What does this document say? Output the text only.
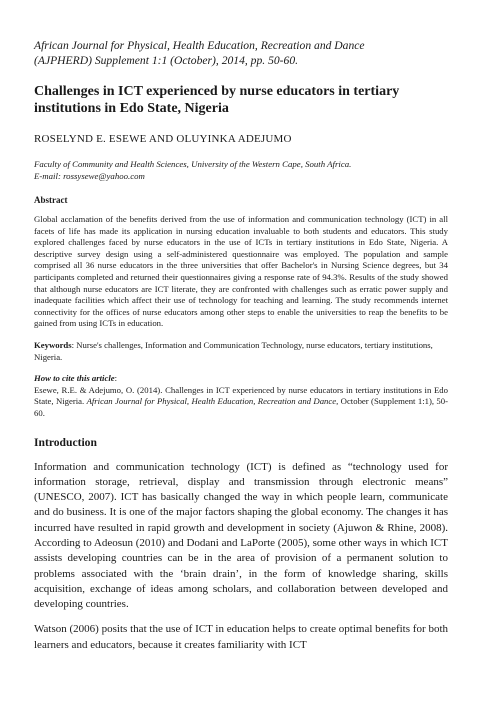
African Journal for Physical, Health Education, Recreation and Dance

(AJPHERD) Supplement 1:1 (October), 2014, pp. 50-60.

Challenges in ICT experienced by nurse educators in tertiary institutions in Edo State, Nigeria

ROSELYND E. ESEWE AND OLUYINKA ADEJUMO

Faculty of Community and Health Sciences, University of the Western Cape, South Africa.

E-mail: rossysewe@yahoo.com

Abstract

Global acclamation of the benefits derived from the use of information and communication technology (ICT) in all facets of life has made its application in nursing education invaluable to both students and educators. This study explored challenges faced by nurse educators in the use of ICTs in tertiary institutions in Edo State, Nigeria. A descriptive survey design using a self-administered questionnaire was employed. The population and sample comprised all 36 nurse educators in the three universities that offer Bachelor's in Nursing Science degrees, but 34 participants completed and returned their questionnaires giving a response rate of 94.3%. Results of the study showed that although nurse educators are ICT literate, they are confronted with challenges such as erratic power supply and inadequate facilities which affect their use of technology for teaching and learning. The study recommends internet connectivity for the offices of nurse educators among other steps to enable the universities to reap the benefits to be gained from using ICTs in education.

Keywords: Nurse's challenges, Information and Communication Technology, nurse educators, tertiary institutions, Nigeria.

How to cite this article:

Esewe, R.E. & Adejumo, O. (2014). Challenges in ICT experienced by nurse educators in tertiary institutions in Edo State, Nigeria. African Journal for Physical, Health Education, Recreation and Dance, October (Supplement 1:1), 50-60.

Introduction

Information and communication technology (ICT) is defined as “technology used for information storage, retrieval, display and transmission through electronic means” (UNESCO, 2007). ICT has basically changed the way in which people learn, communicate and do business. It is one of the major factors shaping the global economy. The changes it has incurred have resulted in rapid growth and development in society (Ajuwon & Rhine, 2008). According to Adeosun (2010) and Dodani and LaPorte (2005), some other ways in which ICT assists developing countries can be in the area of provision of a permanent solution to problems associated with the ‘brain drain’, in the form of knowledge sharing, skills acquisition, exchange of ideas among scholars, and collaboration between developed and developing countries.

Watson (2006) posits that the use of ICT in education helps to create optimal benefits for both learners and educators, because it creates familiarity with ICT
